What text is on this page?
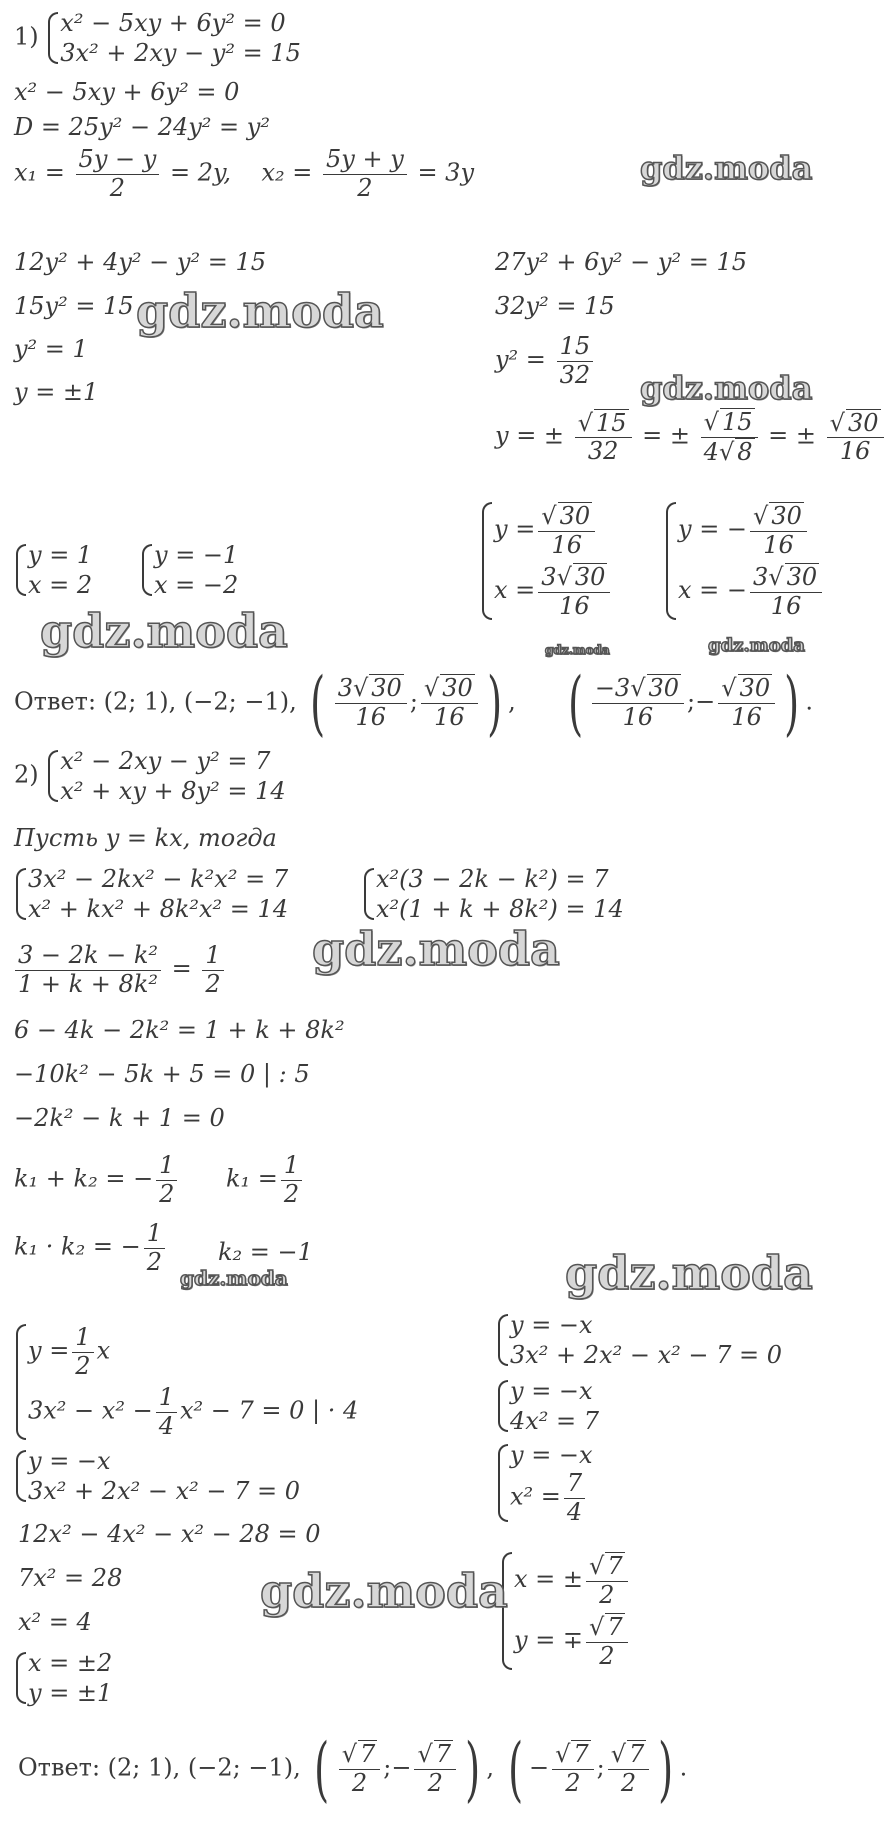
1) x² − 5xy + 6y² = 0
3x² + 2xy − y² = 15
x² − 5xy + 6y² = 0
D = 25y² − 24y² = y²
$x_1 = \frac{5y - y}{2} = 2y$, $x_2 = \frac{5y + y}{2} = 3y$
12y² + 4y² − y² = 15
15y² = 15
y² = 1
y = ±1
27y² + 6y² − y² = 15
32y² = 15
$y^2 = \frac{15}{32}$
y = ± $\frac{√ 15}{32}$ = ± $\frac{√ 15}{4√ 8}$ = ± $\frac{√ 30}{16}$
y = 1
x = 2
y = −1
x = −2
$y = \frac{√ 30}{16}$
$x = \frac{3√ 30}{16}$
y = − $\frac{√ 30}{16}$
x = − $\frac{3√ 30}{16}$
Ответ: (2; 1), (−2; −1), ( $\frac{3√ 30}{16}$ ; $\frac{√ 30}{16}$ ) , ( $\frac{-3√ 30}{16}$ ;− $\frac{√ 30}{16}$ ) .
2) x² − 2xy − y² = 7
x² + xy + 8y² = 14
Пусть y = kx, тогда
3x² − 2kx² − k²x² = 7
x² + kx² + 8k²x² = 14
x²(3 − 2k − k²) = 7
x²(1 + k + 8k²) = 14
$\frac{\text{3 − 2k − k²}}{\text{1 + k + 8k²}} = \frac{1}{2}$
6 − 4k − 2k² = 1 + k + 8k²
−10k² − 5k + 5 = 0 | : 5
−2k² − k + 1 = 0
k₁ + k₂ = − $\frac{1}{2} k_1 = \frac{1}{2}$
k₁ · k₂ = − $\frac{1}{2} k_2 = -1$
$y = \frac{1}{2}$ x
$3x^2 - x^2 - \frac{1}{4} x^2 - 7 = 0$ | · 4
y = −x
3x² + 2x² − x² − 7 = 0
12x² − 4x² − x² − 28 = 0
7x² = 28
x² = 4
x = ±2
y = ±1
y = −x
3x² + 2x² − x² − 7 = 0
y = −x
4x² = 7
y = −x
$x^2 = \frac{7}{4}$
x = ± $\frac{√ 7}{2}$
y = ∓ $\frac{√ 7}{2}$
Ответ: (2; 1), (−2; −1), ( $\frac{√ 7}{2}$ ;− $\frac{√ 7}{2}$ ) , ( − $\frac{√ 7}{2}$ ; $\frac{√ 7}{2}$ ) .
gdz.moda
gdz.moda
gdz.moda
gdz.moda	gdz.moda	gdz.moda
gdz.moda
gdz.moda
gdz.moda
gdz.moda
